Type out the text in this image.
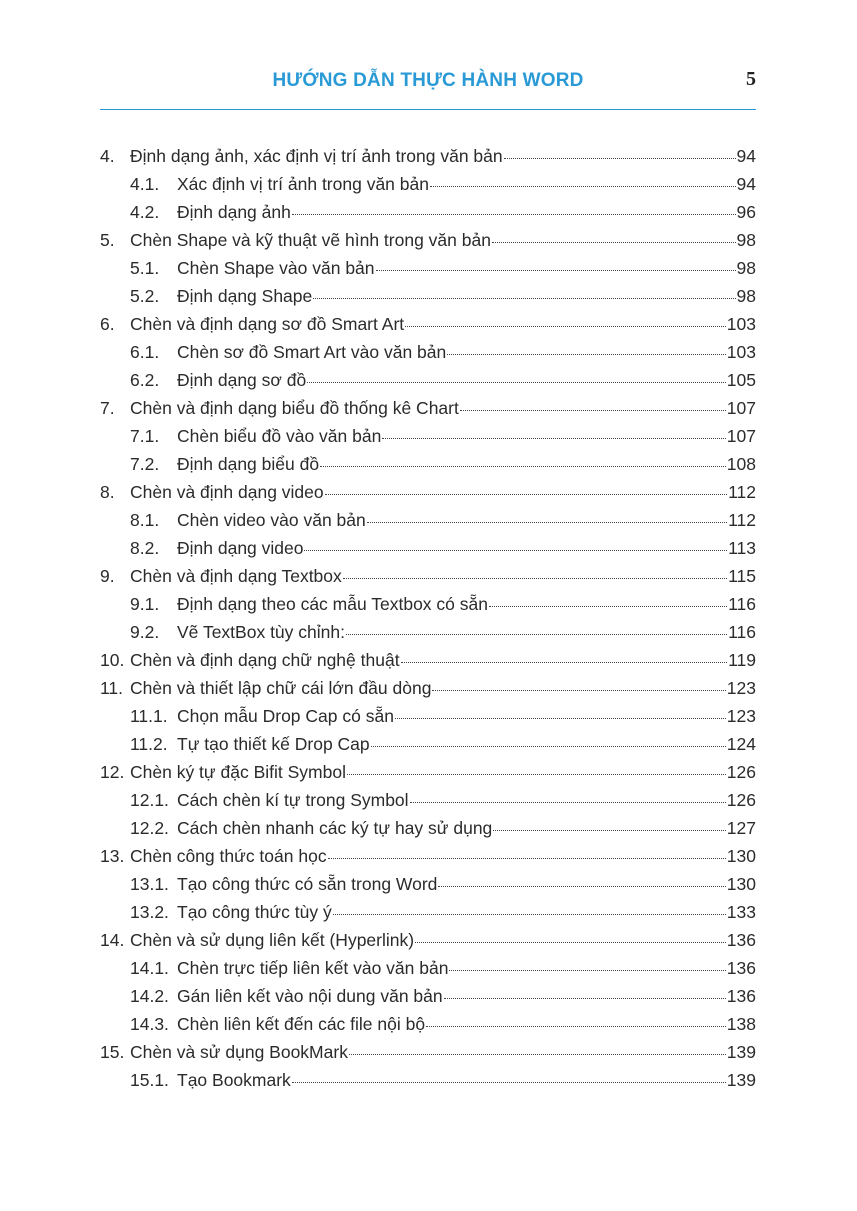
HƯỚNG DẪN THỰC HÀNH WORD	5
4. Định dạng ảnh, xác định vị trí ảnh trong văn bản	94
4.1.	Xác định vị trí ảnh trong văn bản	94
4.2.	Định dạng ảnh	96
5. Chèn Shape và kỹ thuật vẽ hình trong văn bản	98
5.1.	Chèn Shape vào văn bản	98
5.2.	Định dạng Shape	98
6. Chèn và định dạng sơ đồ Smart Art	103
6.1.	Chèn sơ đồ Smart Art vào văn bản	103
6.2.	Định dạng sơ đồ	105
7. Chèn và định dạng biểu đồ thống kê Chart	107
7.1.	Chèn biểu đồ vào văn bản	107
7.2.	Định dạng biểu đồ	108
8. Chèn và định dạng video	112
8.1.	Chèn video vào văn bản	112
8.2.	Định dạng video	113
9. Chèn và định dạng Textbox	115
9.1.	Định dạng theo các mẫu Textbox có sẵn	116
9.2.	Vẽ TextBox tùy chỉnh:	116
10. Chèn và định dạng chữ nghệ thuật	119
11. Chèn và thiết lập chữ cái lớn đầu dòng	123
11.1. Chọn mẫu Drop Cap có sẵn	123
11.2. Tự tạo thiết kế Drop Cap	124
12. Chèn ký tự đặc Bifit Symbol	126
12.1. Cách chèn kí tự trong Symbol	126
12.2. Cách chèn nhanh các ký tự hay sử dụng	127
13. Chèn công thức toán học	130
13.1. Tạo công thức có sẵn trong Word	130
13.2. Tạo công thức tùy ý	133
14. Chèn và sử dụng liên kết (Hyperlink)	136
14.1. Chèn trực tiếp liên kết vào văn bản	136
14.2. Gán liên kết vào nội dung văn bản	136
14.3. Chèn liên kết đến các file nội bộ	138
15. Chèn và sử dụng BookMark	139
15.1. Tạo Bookmark	139
